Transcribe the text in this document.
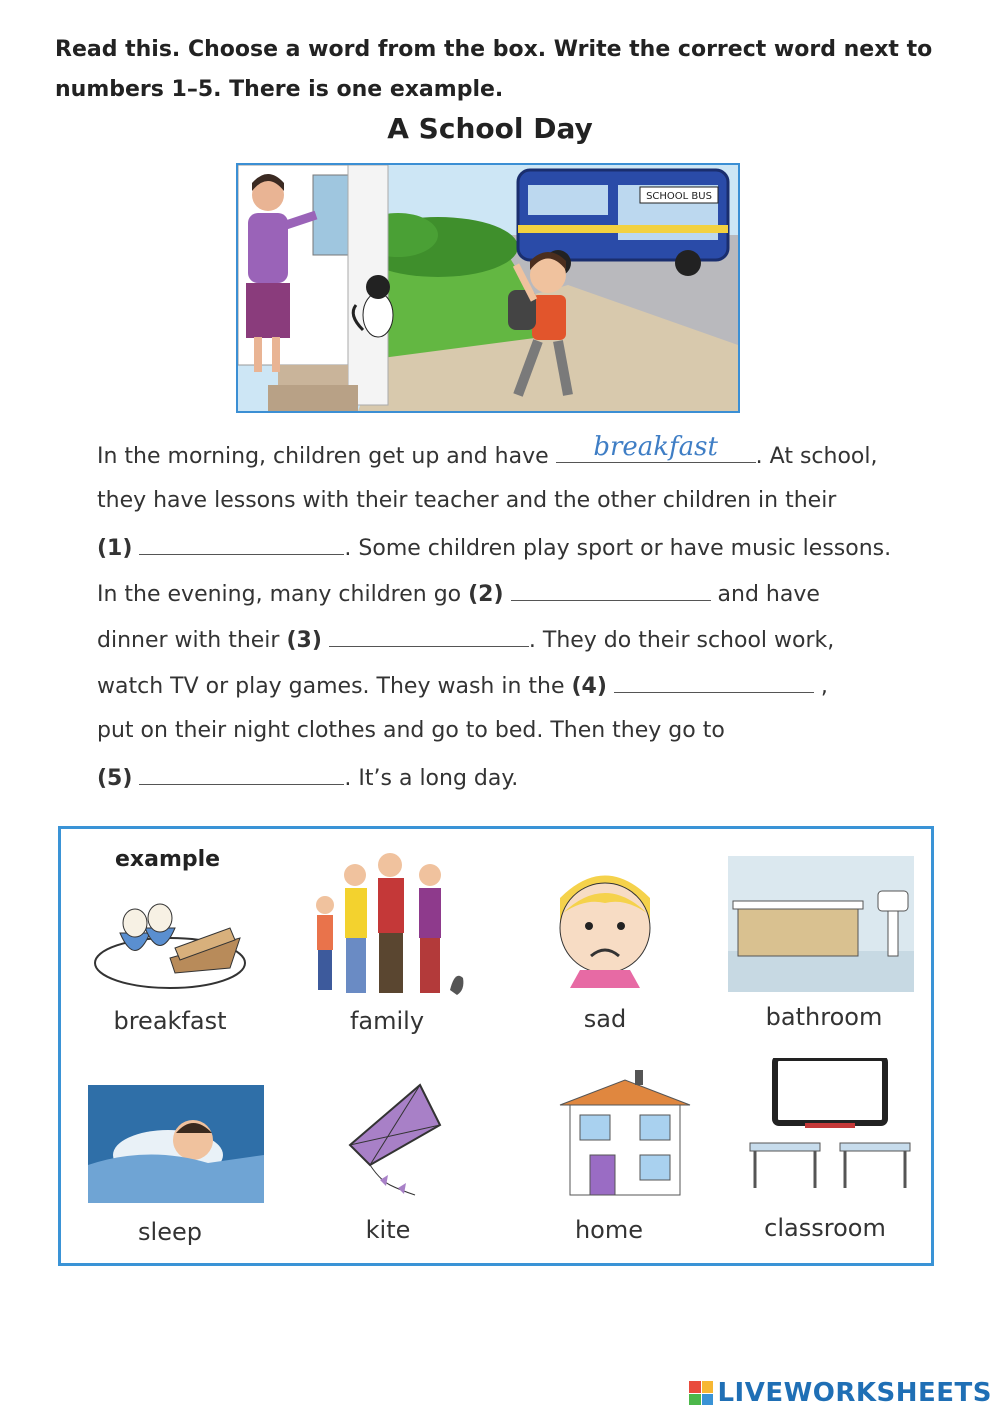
Read this. Choose a word from the box. Write the correct word next to
numbers 1–5. There is one example.
A School Day
SCHOOL BUS
In the morning, children get up and have	breakfast	. At school,
they have lessons with their teacher and the other children in their
(1)	. Some children play sport or have music lessons.
In the evening, many children go (2)	and have
dinner with their (3)	. They do their school work,
watch TV or play games. They wash in the (4)	,
put on their night clothes and go to bed. Then they go to
(5)	. It’s a long day.
example
breakfast	family	sad	bathroom
sleep	kite	home	classroom
LIVEWORKSHEETS
